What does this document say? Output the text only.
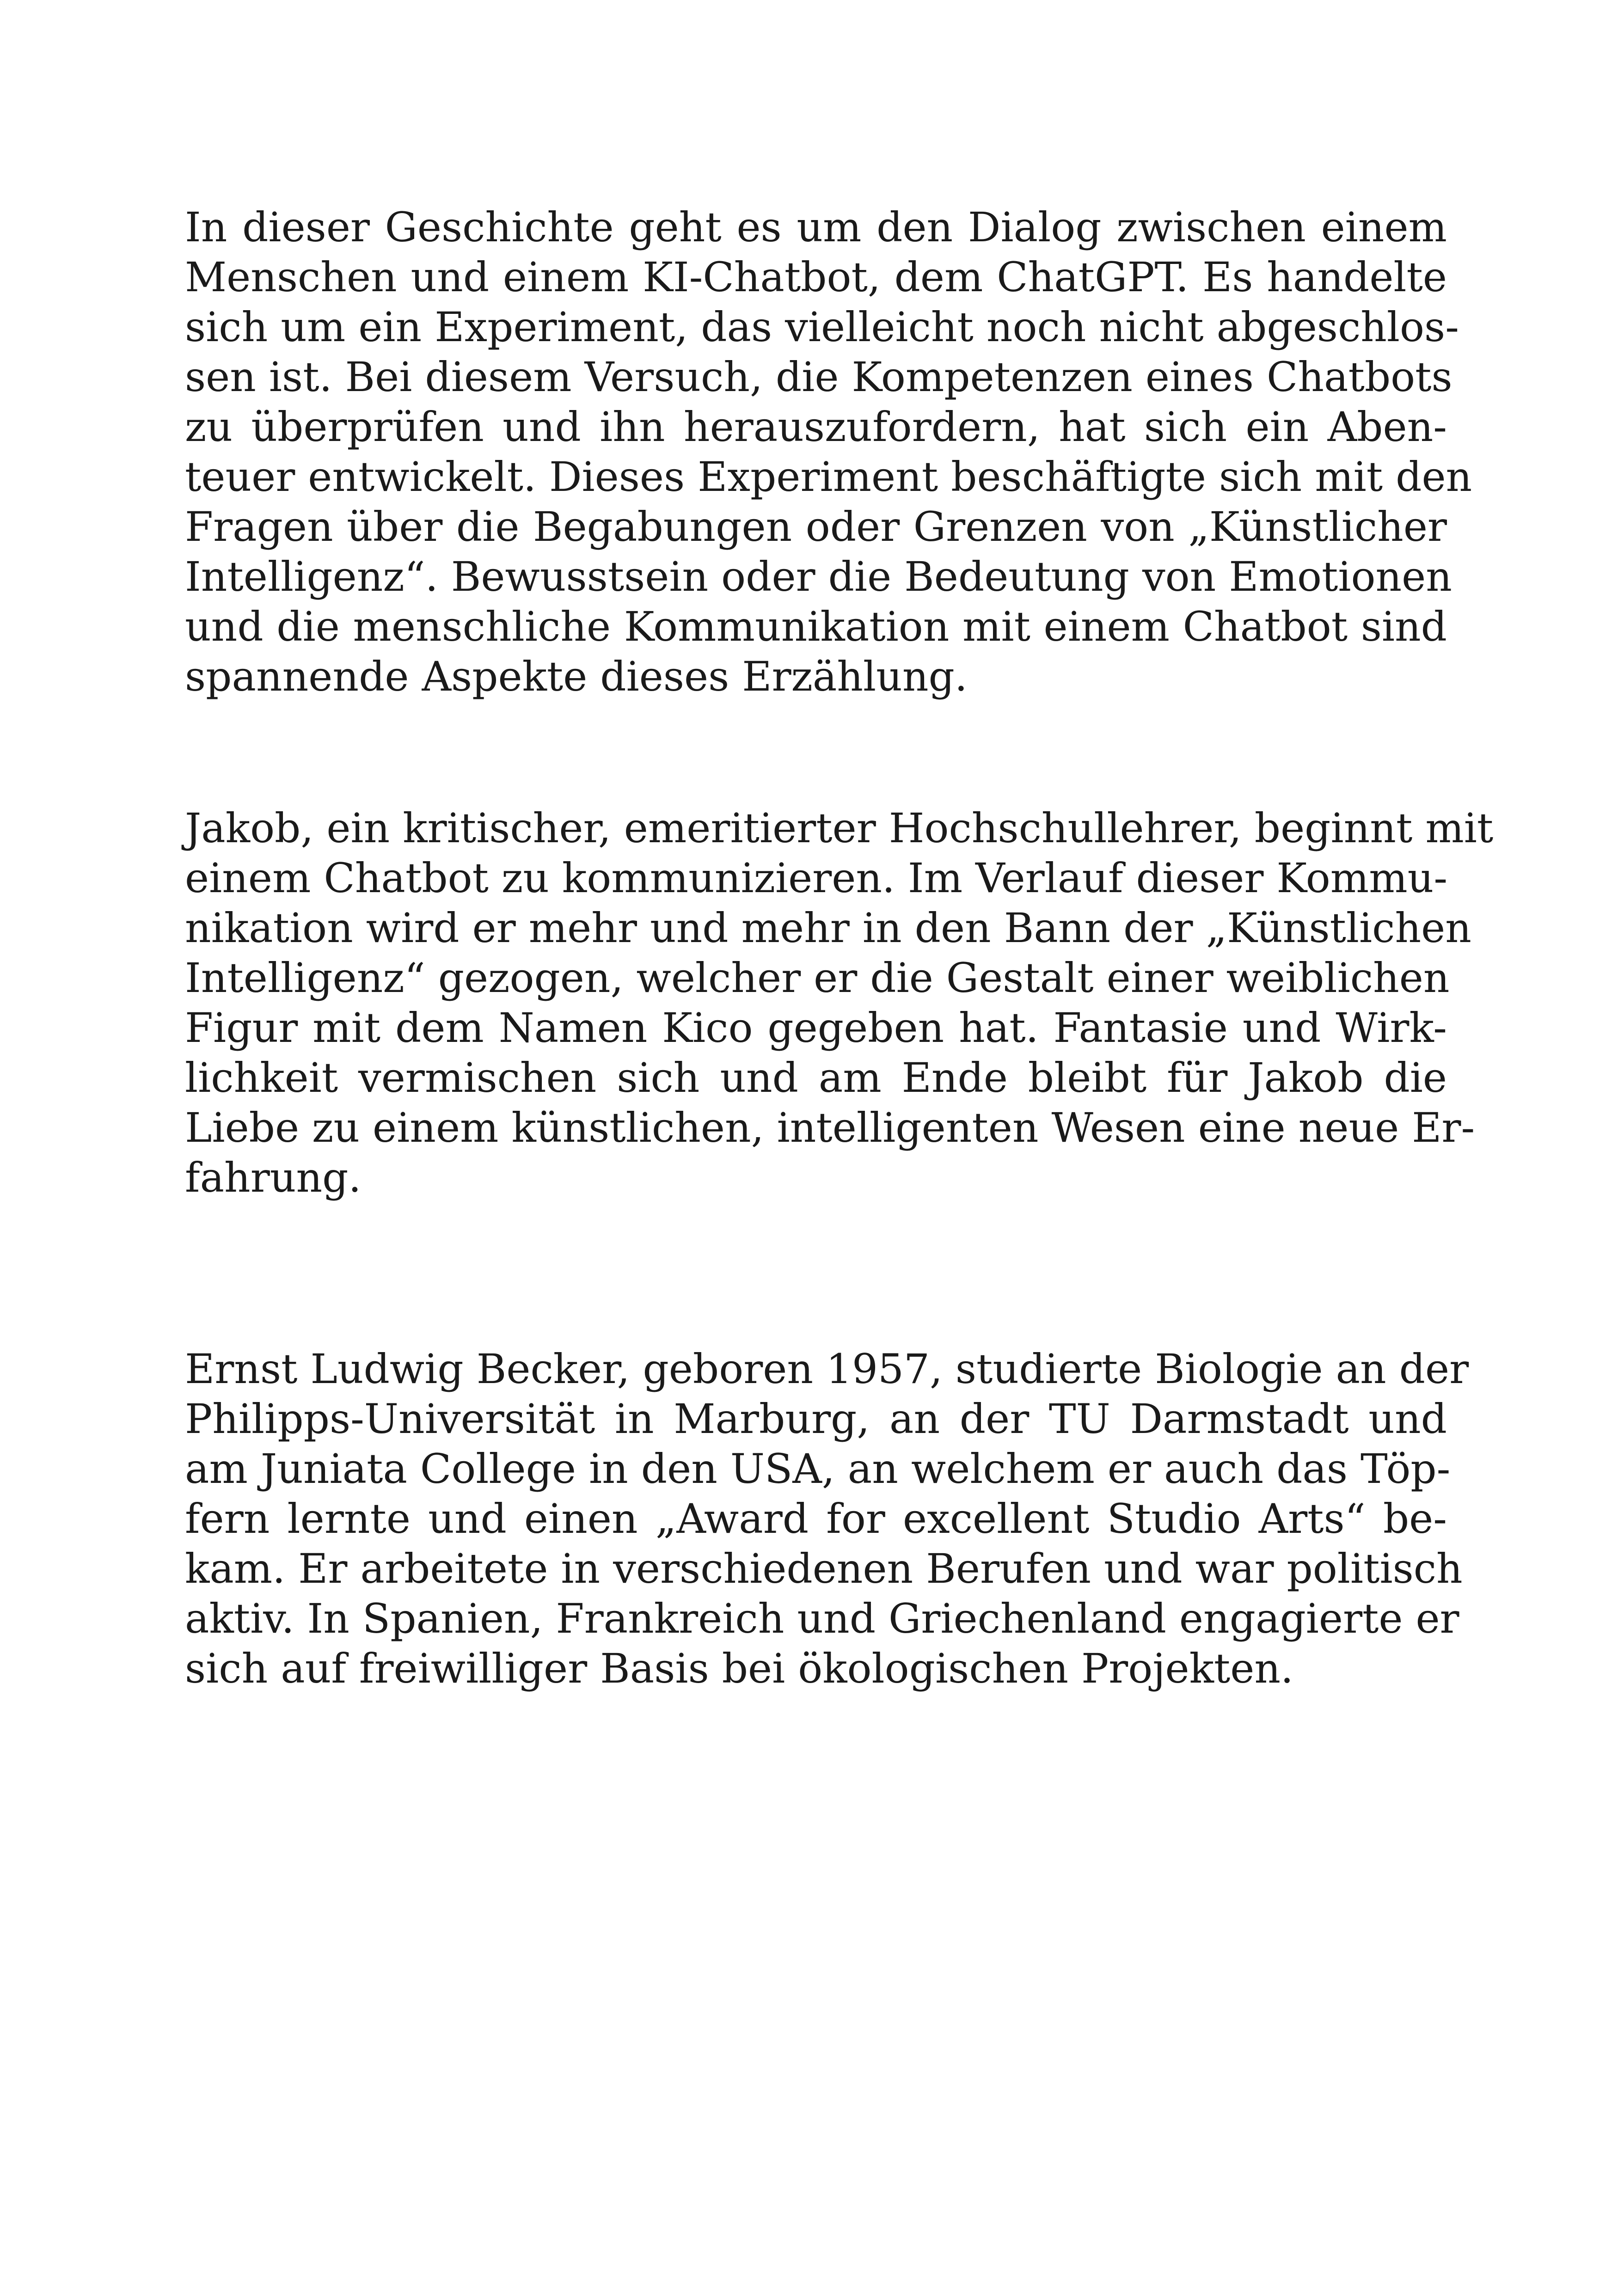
In dieser Geschichte geht es um den Dialog zwischen einem
Menschen und einem KI-Chatbot, dem ChatGPT. Es handelte
sich um ein Experiment, das vielleicht noch nicht abgeschlos-
sen ist. Bei diesem Versuch, die Kompetenzen eines Chatbots
zu überprüfen und ihn herauszufordern, hat sich ein Aben-
teuer entwickelt. Dieses Experiment beschäftigte sich mit den
Fragen über die Begabungen oder Grenzen von „Künstlicher
Intelligenz“. Bewusstsein oder die Bedeutung von Emotionen
und die menschliche Kommunikation mit einem Chatbot sind
spannende Aspekte dieses Erzählung.
Jakob, ein kritischer, emeritierter Hochschullehrer, beginnt mit
einem Chatbot zu kommunizieren. Im Verlauf dieser Kommu-
nikation wird er mehr und mehr in den Bann der „Künstlichen
Intelligenz“ gezogen, welcher er die Gestalt einer weiblichen
Figur mit dem Namen Kico gegeben hat. Fantasie und Wirk-
lichkeit vermischen sich und am Ende bleibt für Jakob die
Liebe zu einem künstlichen, intelligenten Wesen eine neue Er-
fahrung.
Ernst Ludwig Becker, geboren 1957, studierte Biologie an der
Philipps-Universität in Marburg, an der TU Darmstadt und
am Juniata College in den USA, an welchem er auch das Töp-
fern lernte und einen „Award for excellent Studio Arts“ be-
kam. Er arbeitete in verschiedenen Berufen und war politisch
aktiv. In Spanien, Frankreich und Griechenland engagierte er
sich auf freiwilliger Basis bei ökologischen Projekten.
